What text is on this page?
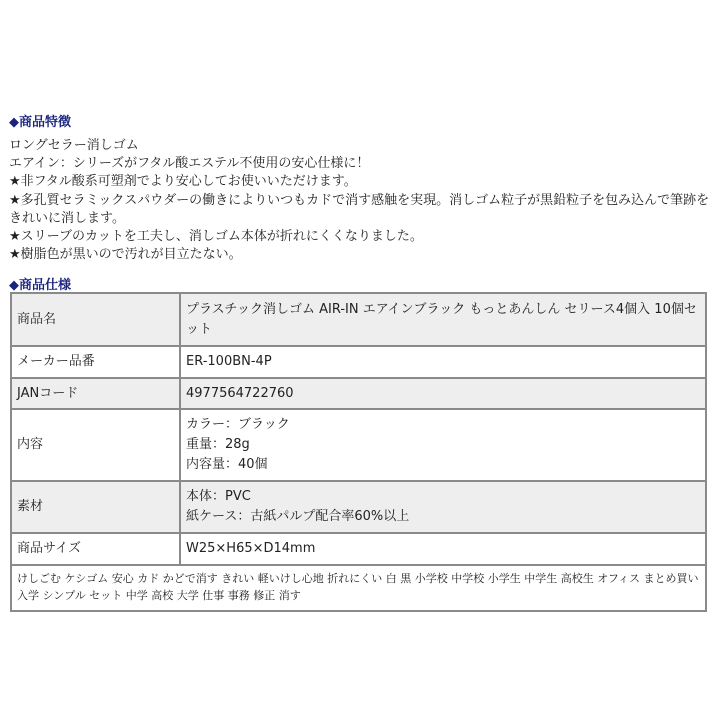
◆商品特徴
ロングセラー消しゴム
エアイン：シリーズがフタル酸エステル不使用の安心仕様に！
★非フタル酸系可塑剤でより安心してお使いいただけます。
★多孔質セラミックスパウダーの働きによりいつもカドで消す感触を実現。消しゴム粒子が黒鉛粒子を包み込んで筆跡をきれいに消します。
★スリーブのカットを工夫し、消しゴム本体が折れにくくなりました。
★樹脂色が黒いので汚れが目立たない。
◆商品仕様
商品名	プラスチック消しゴム AIR-IN エアインブラック もっとあんしん セリース4個入 10個セット
メーカー品番	ER-100BN-4P
JANコード	4977564722760
内容	カラー：ブラック
重量：28g
内容量：40個

素材	本体：PVC
紙ケース：古紙パルプ配合率60%以上

商品サイズ	W25×H65×D14mm
けしごむ ケシゴム 安心 カド かどで消す きれい 軽いけし心地 折れにくい 白 黒 小学校 中学校 小学生 中学生 高校生 オフィス まとめ買い 入学 シンプル セット 中学 高校 大学 仕事 事務 修正 消す	
